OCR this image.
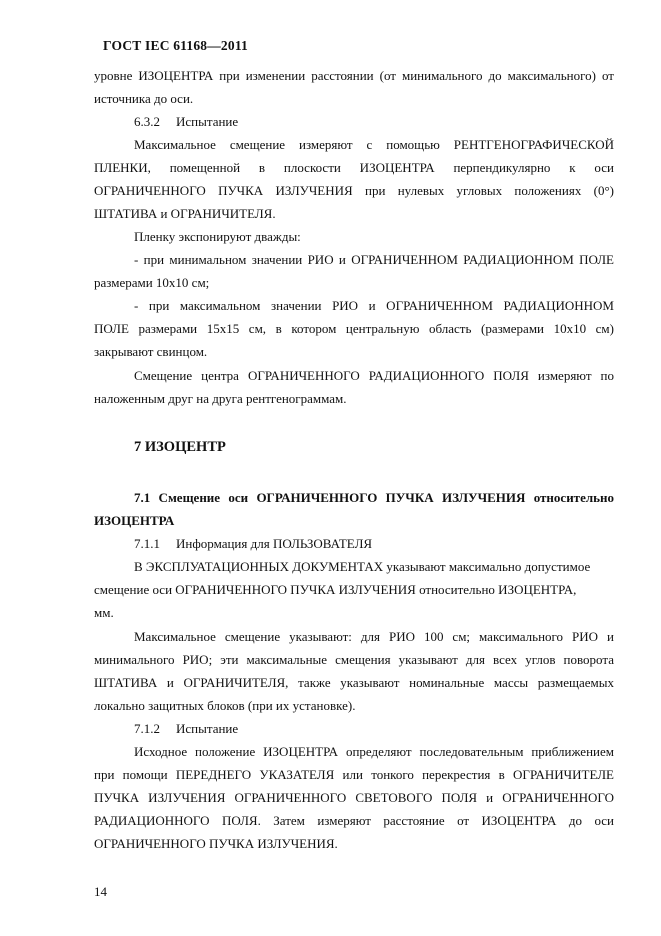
ГОСТ IEC 61168—2011
уровне ИЗОЦЕНТРА при изменении расстоянии (от минимального до максимального) от
источника до оси.
6.3.2 Испытание
Максимальное смещение измеряют с помощью РЕНТГЕНОГРАФИЧЕСКОЙ
ПЛЕНКИ, помещенной в плоскости ИЗОЦЕНТРА перпендикулярно к оси
ОГРАНИЧЕННОГО ПУЧКА ИЗЛУЧЕНИЯ при нулевых угловых положениях (0°)
ШТАТИВА и ОГРАНИЧИТЕЛЯ.
Пленку экспонируют дважды:
- при минимальном значении РИО и ОГРАНИЧЕННОМ РАДИАЦИОННОМ ПОЛЕ
размерами 10x10 см;
- при максимальном значении РИО и ОГРАНИЧЕННОМ РАДИАЦИОННОМ
ПОЛЕ размерами 15x15 см, в котором центральную область (размерами 10x10 см)
закрывают свинцом.
Смещение центра ОГРАНИЧЕННОГО РАДИАЦИОННОГО ПОЛЯ измеряют по
наложенным друг на друга рентгенограммам.
7 ИЗОЦЕНТР
7.1 Смещение оси ОГРАНИЧЕННОГО ПУЧКА ИЗЛУЧЕНИЯ относительно
ИЗОЦЕНТРА
7.1.1 Информация для ПОЛЬЗОВАТЕЛЯ
В ЭКСПЛУАТАЦИОННЫХ ДОКУМЕНТАХ указывают максимально допустимое
смещение оси ОГРАНИЧЕННОГО ПУЧКА ИЗЛУЧЕНИЯ относительно ИЗОЦЕНТРА,
мм.
Максимальное смещение указывают: для РИО 100 см; максимального РИО и
минимального РИО; эти максимальные смещения указывают для всех углов поворота
ШТАТИВА и ОГРАНИЧИТЕЛЯ, также указывают номинальные массы размещаемых
локально защитных блоков (при их установке).
7.1.2 Испытание
Исходное положение ИЗОЦЕНТРА определяют последовательным приближением
при помощи ПЕРЕДНЕГО УКАЗАТЕЛЯ или тонкого перекрестия в ОГРАНИЧИТЕЛЕ
ПУЧКА ИЗЛУЧЕНИЯ ОГРАНИЧЕННОГО СВЕТОВОГО ПОЛЯ и ОГРАНИЧЕННОГО
РАДИАЦИОННОГО ПОЛЯ. Затем измеряют расстояние от ИЗОЦЕНТРА до оси
ОГРАНИЧЕННОГО ПУЧКА ИЗЛУЧЕНИЯ.
14
